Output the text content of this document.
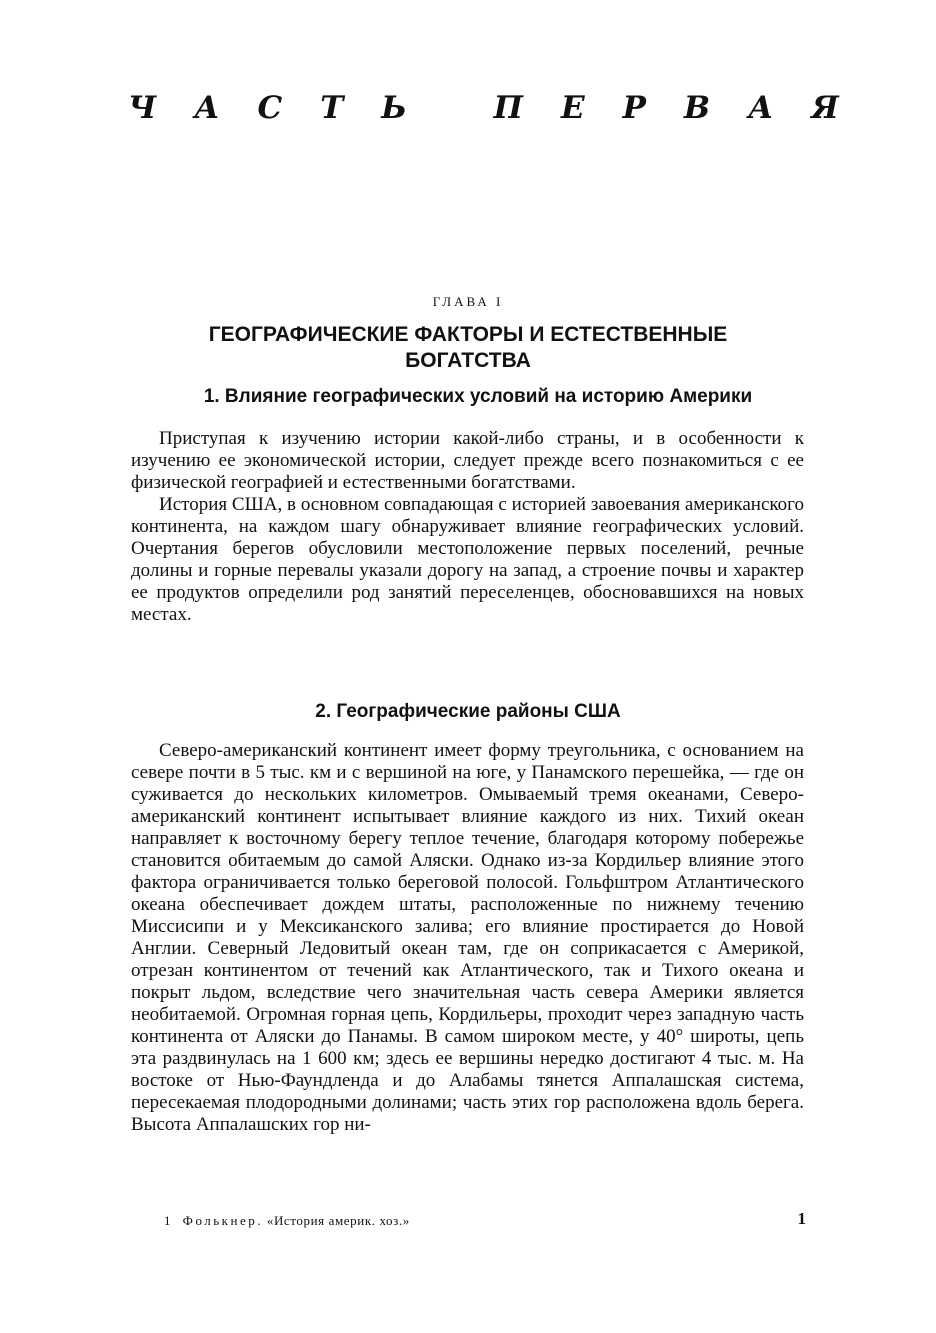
ЧАСТЬ ПЕРВАЯ

ГЛАВА I

ГЕОГРАФИЧЕСКИЕ ФАКТОРЫ И ЕСТЕСТВЕННЫЕ БОГАТСТВА
1. Влияние географических условий на историю Америки

Приступая к изучению истории какой-либо страны, и в особенности к изучению ее экономической истории, следует прежде всего познакомиться с ее физической географией и естественными богатствами.

История США, в основном совпадающая с историей завоевания американского континента, на каждом шагу обнаруживает влияние географических условий. Очертания берегов обусловили местоположение первых поселений, речные долины и горные перевалы указали дорогу на запад, а строение почвы и характер ее продуктов определили род занятий переселенцев, обосновавшихся на новых местах.

2. Географические районы США

Северо-американский континент имеет форму треугольника, с основанием на севере почти в 5 тыс. км и с вершиной на юге, у Панамского перешейка, — где он суживается до нескольких километров. Омываемый тремя океанами, Северо-американский континент испытывает влияние каждого из них. Тихий океан направляет к восточному берегу теплое течение, благодаря которому побережье становится обитаемым до самой Аляски. Однако из-за Кордильер влияние этого фактора ограничивается только береговой полосой. Гольфштром Атлантического океана обеспечивает дождем штаты, расположенные по нижнему течению Миссисипи и у Мексиканского залива; его влияние простирается до Новой Англии. Северный Ледовитый океан там, где он соприкасается с Америкой, отрезан континентом от течений как Атлантического, так и Тихого океана и покрыт льдом, вследствие чего значительная часть севера Америки является необитаемой. Огромная горная цепь, Кордильеры, проходит через западную часть континента от Аляски до Панамы. В самом широком месте, у 40° широты, цепь эта раздвинулась на 1 600 км; здесь ее вершины нередко достигают 4 тыс. м. На востоке от Нью-Фаундленда и до Алабамы тянется Аппалашская система, пересекаемая плодородными долинами; часть этих гор расположена вдоль берега. Высота Аппалашских гор ни-

1 Фолькнер. «История америк. хоз.»	1
